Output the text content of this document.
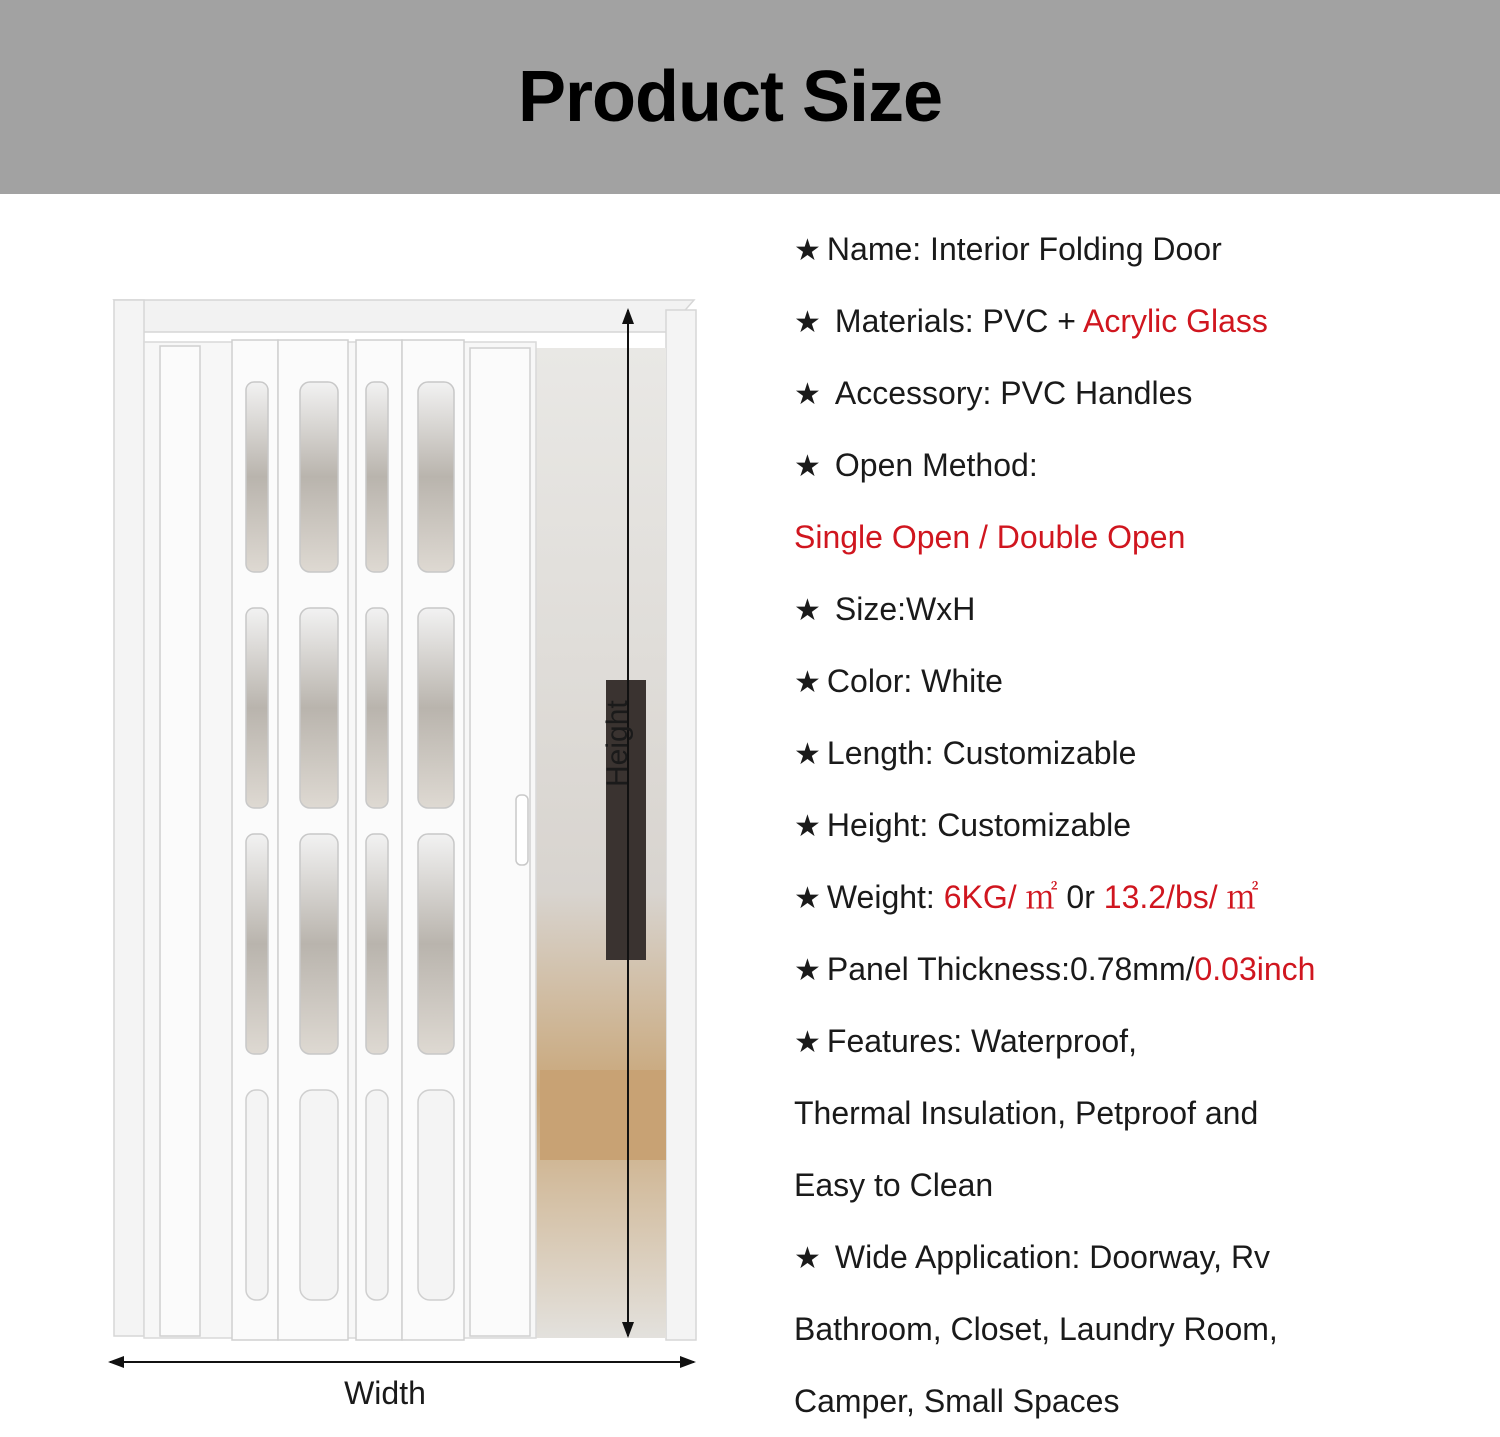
Product Size
Height
Width
★ Name: Interior Folding Door
★ Materials: PVC + Acrylic Glass
★ Accessory: PVC Handles
★ Open Method:
Single Open / Double Open
★ Size:WxH
★ Color: White
★ Length: Customizable
★ Height: Customizable
★ Weight: 6KG/ ㎡ 0r 13.2/bs/ ㎡
★ Panel Thickness:0.78mm/0.03inch
★ Features: Waterproof,
Thermal Insulation, Petproof and
Easy to Clean
★ Wide Application: Doorway, Rv
Bathroom, Closet, Laundry Room,
Camper, Small Spaces
